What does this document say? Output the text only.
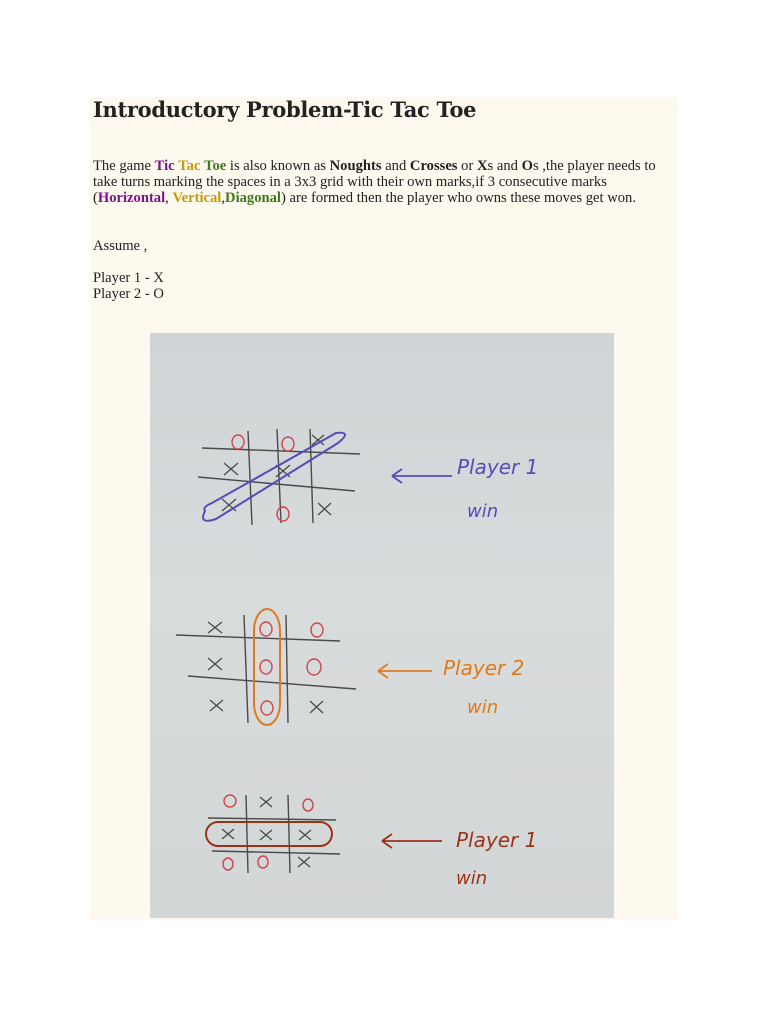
Introductory Problem-Tic Tac Toe
The game Tic Tac Toe is also known as Noughts and Crosses or Xs and Os ,the player needs to take turns marking the spaces in a 3x3 grid with their own marks,if 3 consecutive marks (Horizontal, Vertical,Diagonal) are formed then the player who owns these moves get won.
Assume ,
Player 1 - X
Player 2 - O
Player 1
win
Player 2
win
Player 1
win
